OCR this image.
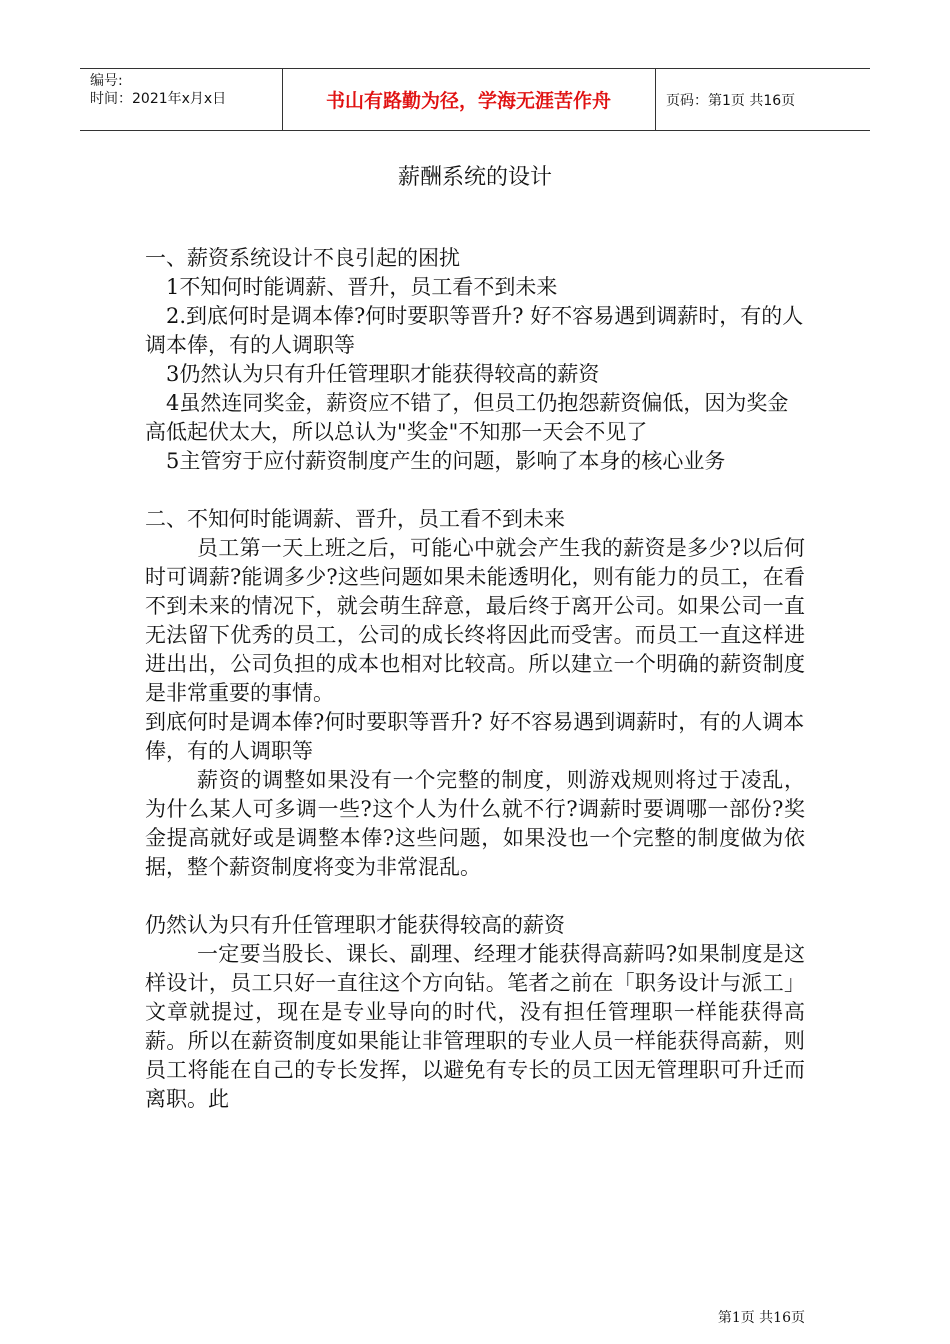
编号:
时间：2021年x月x日	书山有路勤为径，学海无涯苦作舟	页码：第1页 共16页
薪酬系统的设计

一、薪资系统设计不良引起的困扰

1不知何时能调薪、晋升，员工看不到未来

2.到底何时是调本俸?何时要职等晋升? 好不容易遇到调薪时，有的人调本俸，有的人调职等

3仍然认为只有升任管理职才能获得较高的薪资

4虽然连同奖金，薪资应不错了，但员工仍抱怨薪资偏低，因为奖金高低起伏太大，所以总认为"奖金"不知那一天会不见了

5主管穷于应付薪资制度产生的问题，影响了本身的核心业务

二、不知何时能调薪、晋升，员工看不到未来

员工第一天上班之后，可能心中就会产生我的薪资是多少?以后何时可调薪?能调多少?这些问题如果未能透明化，则有能力的员工，在看不到未来的情况下，就会萌生辞意，最后终于离开公司。如果公司一直无法留下优秀的员工，公司的成长终将因此而受害。而员工一直这样进进出出，公司负担的成本也相对比较高。所以建立一个明确的薪资制度是非常重要的事情。

到底何时是调本俸?何时要职等晋升? 好不容易遇到调薪时，有的人调本俸，有的人调职等

薪资的调整如果没有一个完整的制度，则游戏规则将过于凌乱，为什么某人可多调一些?这个人为什么就不行?调薪时要调哪一部份?奖金提高就好或是调整本俸?这些问题，如果没也一个完整的制度做为依据，整个薪资制度将变为非常混乱。

仍然认为只有升任管理职才能获得较高的薪资

一定要当股长、课长、副理、经理才能获得高薪吗?如果制度是这样设计，员工只好一直往这个方向钻。笔者之前在「职务设计与派工」文章就提过，现在是专业导向的时代，没有担任管理职一样能获得高薪。所以在薪资制度如果能让非管理职的专业人员一样能获得高薪，则员工将能在自己的专长发挥，以避免有专长的员工因无管理职可升迁而离职。此

第1页 共16页
